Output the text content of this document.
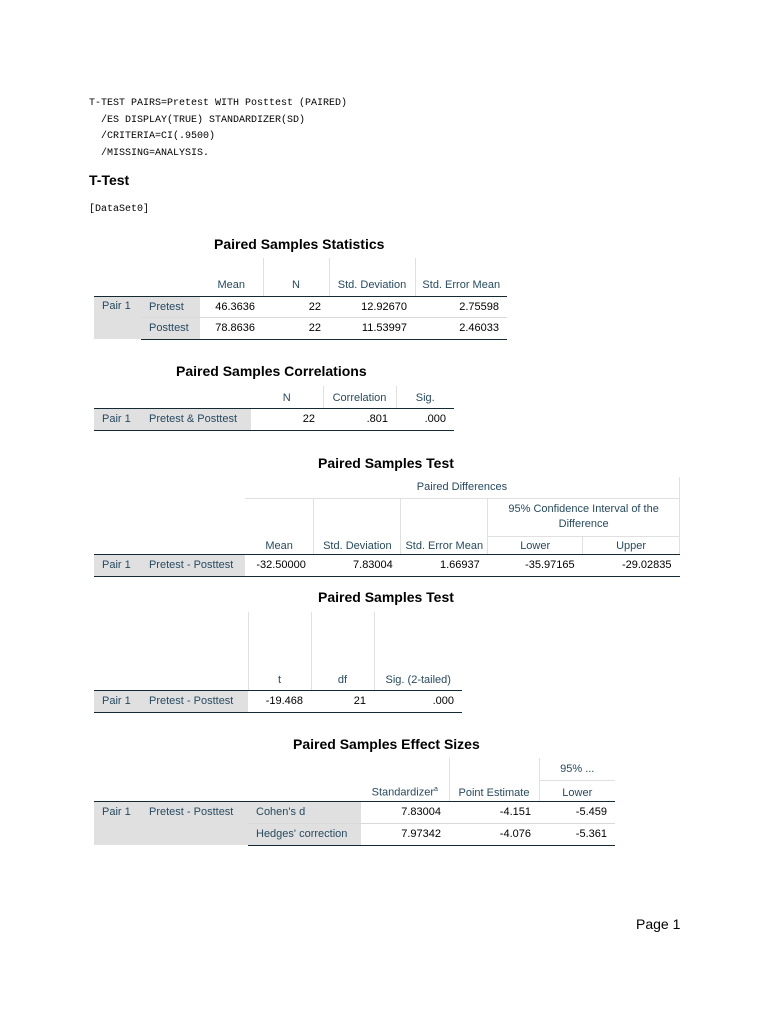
T-TEST PAIRS=Pretest WITH Posttest (PAIRED)
/ES DISPLAY(TRUE) STANDARDIZER(SD)
/CRITERIA=CI(.9500)
/MISSING=ANALYSIS.
T-Test
[DataSet0]
Paired Samples Statistics
		Mean	N	Std. Deviation	Std. Error Mean
Pair 1	Pretest	46.3636	22	12.92670	2.75598
	Posttest	78.8636	22	11.53997	2.46033
Paired Samples Correlations
		N	Correlation	Sig.
Pair 1	Pretest & Posttest	22	.801	.000
Paired Samples Test
		Paired Differences				
					95% Confidence Interval of the Difference	
		Mean	Std. Deviation	Std. Error Mean	Lower	Upper
Pair 1	Pretest - Posttest	-32.50000	7.83004	1.66937	-35.97165	-29.02835
Paired Samples Test
		t	df	Sig. (2-tailed)
Pair 1	Pretest - Posttest	-19.468	21	.000
Paired Samples Effect Sizes
					95% ...
			Standardizer$^a$	Point Estimate	Lower
Pair 1	Pretest - Posttest	Cohen's d	7.83004	-4.151	-5.459
		Hedges' correction	7.97342	-4.076	-5.361
Page 1
